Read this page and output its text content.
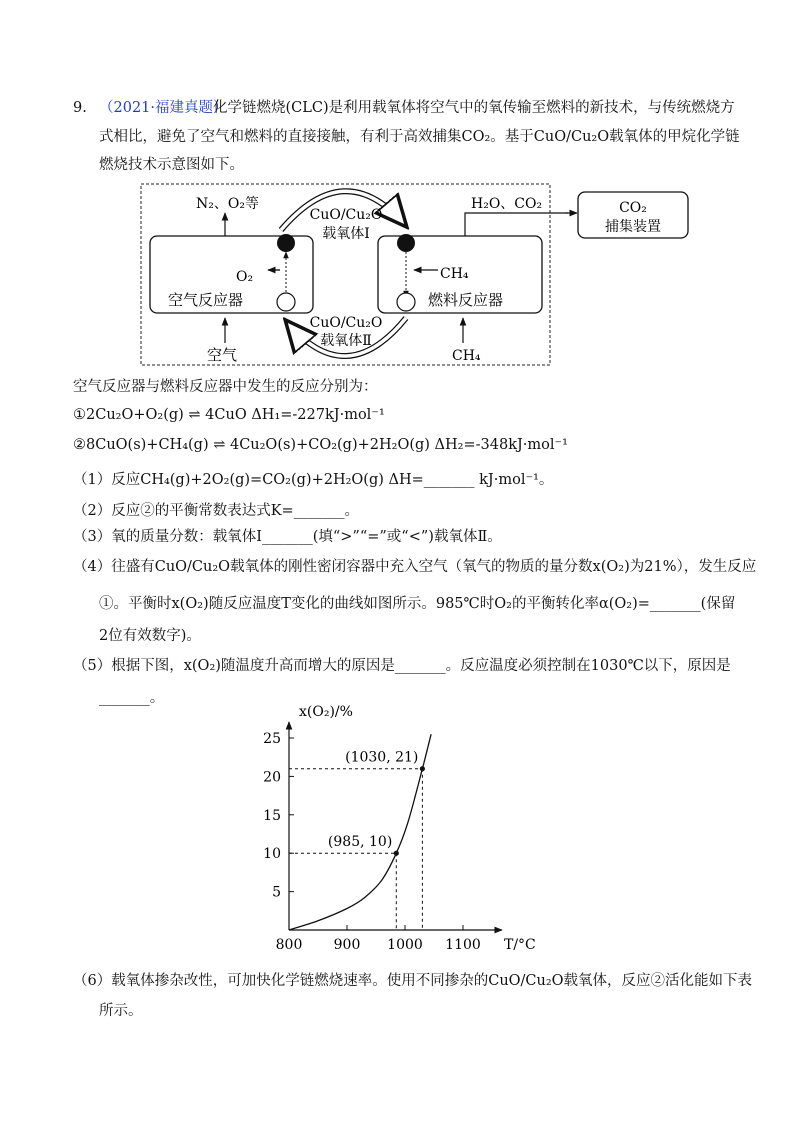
9. （2021·福建真题）
化学链燃烧(CLC)是利用载氧体将空气中的氧传输至燃料的新技术，与传统燃烧方
式相比，避免了空气和燃料的直接接触，有利于高效捕集CO₂。基于CuO/Cu₂O载氧体的甲烷化学链
燃烧技术示意图如下。
N₂、O₂等	H₂O、CO₂	CO₂
捕集装置
CuO/Cu₂O
载氧体Ⅰ
CuO/Cu₂O
载氧体Ⅱ
O₂	CH₄
空气反应器	燃料反应器
空气	CH₄
空气反应器与燃料反应器中发生的反应分别为：
①2Cu₂O+O₂(g) ⇌ 4CuO ΔH₁=-227kJ·mol⁻¹
②8CuO(s)+CH₄(g) ⇌ 4Cu₂O(s)+CO₂(g)+2H₂O(g) ΔH₂=-348kJ·mol⁻¹
（1）反应CH₄(g)+2O₂(g)=CO₂(g)+2H₂O(g) ΔH=_______ kJ·mol⁻¹。
（2）反应②的平衡常数表达式K=_______。
（3）氧的质量分数：载氧体Ⅰ_______(填“>”“=”或“<”)载氧体Ⅱ。
（4）往盛有CuO/Cu₂O载氧体的刚性密闭容器中充入空气（氧气的物质的量分数x(O₂)为21%），发生反应
①。平衡时x(O₂)随反应温度T变化的曲线如图所示。985℃时O₂的平衡转化率α(O₂)=_______(保留
2位有效数字)。
（5）根据下图，x(O₂)随温度升高而增大的原因是_______。反应温度必须控制在1030℃以下，原因是
_______。
5
10
15
20
25
800 900 1000 1100
(985, 10)
(1030, 21)
x(O₂)/%
T/°C
（6）载氧体掺杂改性，可加快化学链燃烧速率。使用不同掺杂的CuO/Cu₂O载氧体，反应②活化能如下表
所示。
